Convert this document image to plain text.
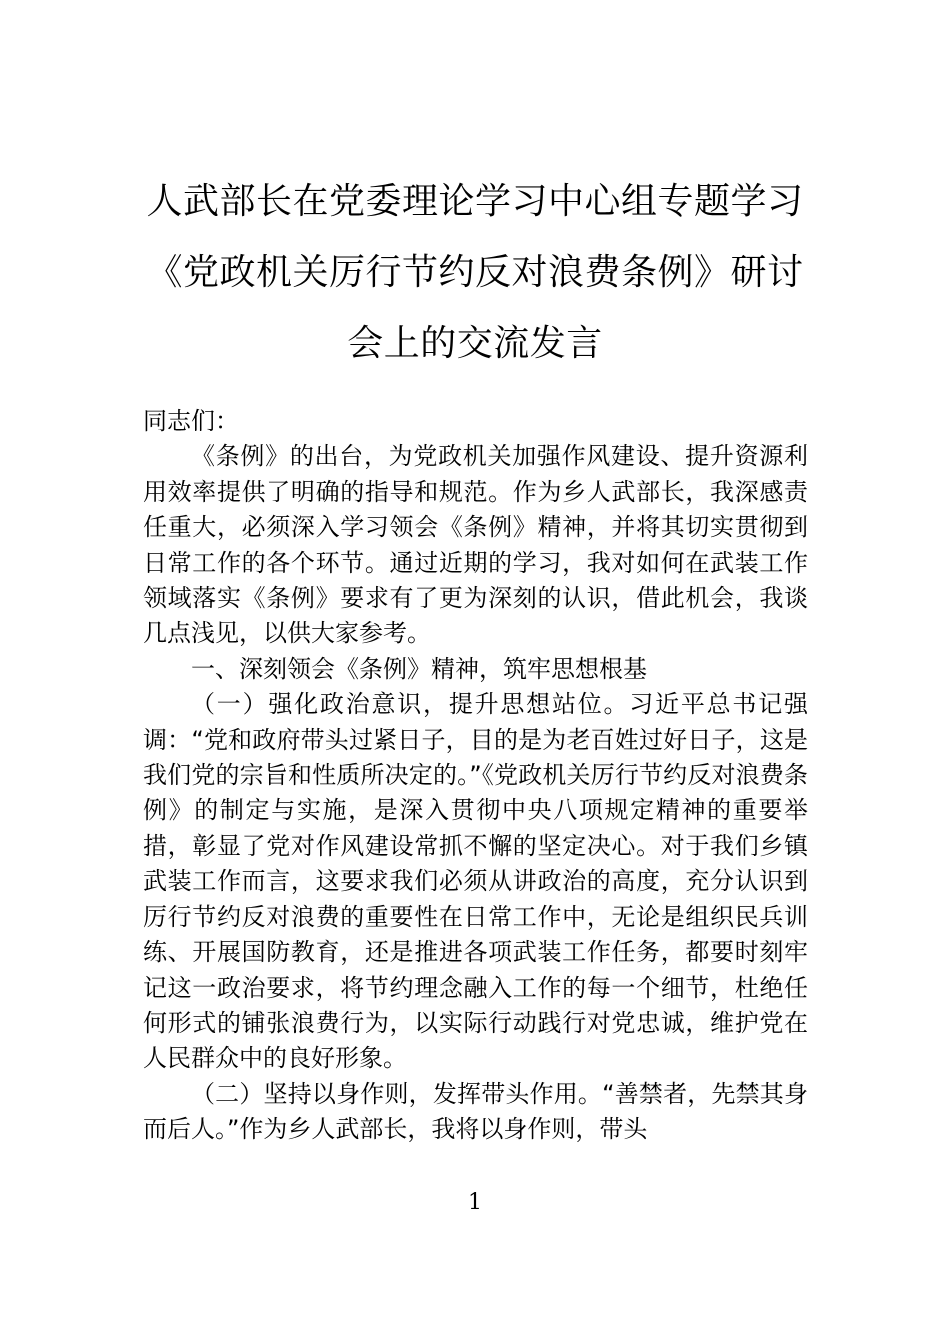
人武部长在党委理论学习中心组专题学习
《党政机关厉行节约反对浪费条例》研讨
会上的交流发言

同志们：

《条例》的出台，为党政机关加强作风建设、提升资源利用效率提供了明确的指导和规范。作为乡人武部长，我深感责任重大，必须深入学习领会《条例》精神，并将其切实贯彻到日常工作的各个环节。通过近期的学习，我对如何在武装工作领域落实《条例》要求有了更为深刻的认识，借此机会，我谈几点浅见，以供大家参考。

一、深刻领会《条例》精神，筑牢思想根基

（一）强化政治意识，提升思想站位。习近平总书记强调：“党和政府带头过紧日子，目的是为老百姓过好日子，这是我们党的宗旨和性质所决定的。”《党政机关厉行节约反对浪费条例》的制定与实施，是深入贯彻中央八项规定精神的重要举措，彰显了党对作风建设常抓不懈的坚定决心。对于我们乡镇武装工作而言，这要求我们必须从讲政治的高度，充分认识到厉行节约反对浪费的重要性在日常工作中，无论是组织民兵训练、开展国防教育，还是推进各项武装工作任务，都要时刻牢记这一政治要求，将节约理念融入工作的每一个细节，杜绝任何形式的铺张浪费行为，以实际行动践行对党忠诚，维护党在人民群众中的良好形象。

（二）坚持以身作则，发挥带头作用。“善禁者，先禁其身而后人。”作为乡人武部长，我将以身作则，带头

1
